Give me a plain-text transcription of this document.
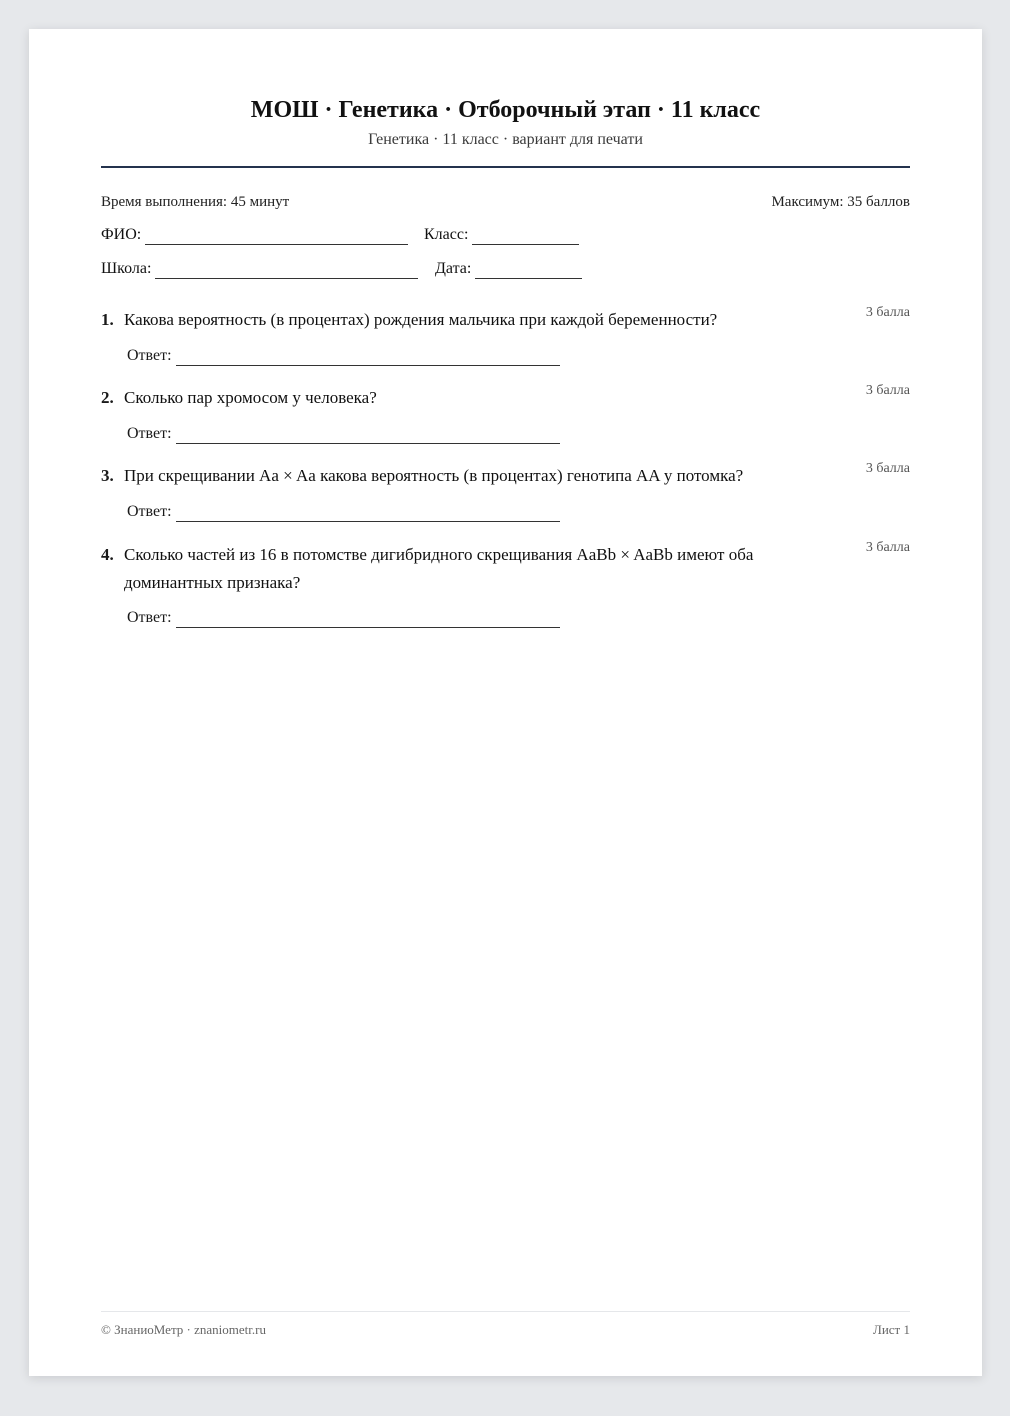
МОШ · Генетика · Отборочный этап · 11 класс
Генетика · 11 класс · вариант для печати
Время выполнения: 45 минут	Максимум: 35 баллов
ФИО:	Класс:
Школа:	Дата:
1. Какова вероятность (в процентах) рождения мальчика при каждой беременности?	3 балла
Ответ:
2. Сколько пар хромосом у человека?	3 балла
Ответ:
3. При скрещивании Aa × Aa какова вероятность (в процентах) генотипа AA у потомка?	3 балла
Ответ:
4. Сколько частей из 16 в потомстве дигибридного скрещивания AaBb × AaBb имеют оба доминантных признака?
3 балла
Ответ:
© ЗнаниоМетр · znaniometr.ru	Лист 1
